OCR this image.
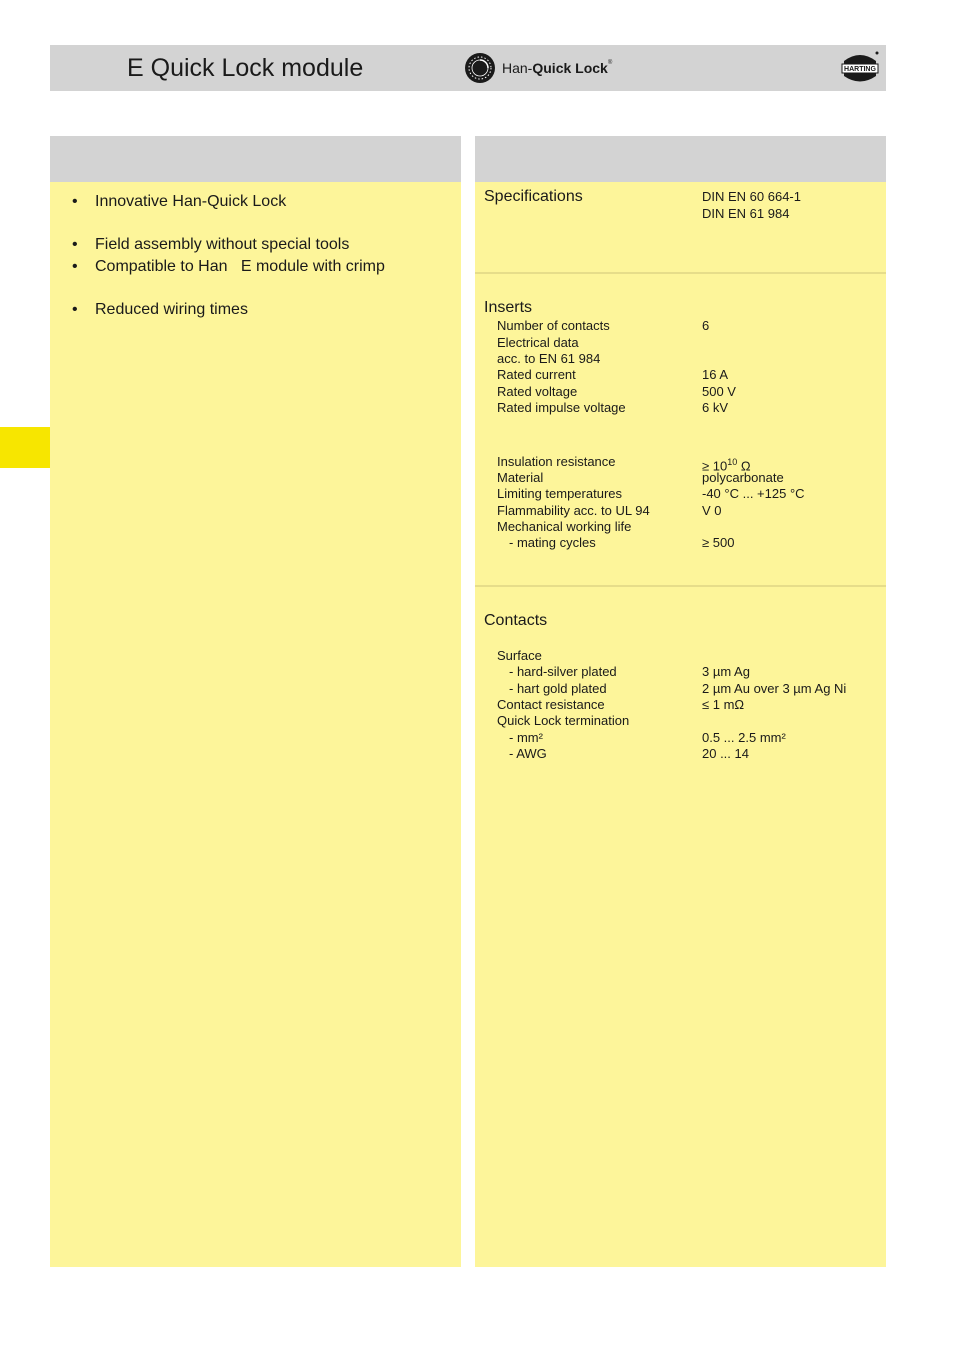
E Quick Lock module	Han-Quick Lock®
HARTING
• Innovative Han-Quick Lock
• Field assembly without special tools
• Compatible to Han   E module with crimp
• Reduced wiring times
Specifications	DIN EN 60 664-1
DIN EN 61 984
Inserts
Number of contacts	6
Electrical data
acc. to EN 61 984
Rated current	16 A
Rated voltage	500 V
Rated impulse voltage	6 kV
Insulation resistance	≥ $10^{10}$ Ω
Material	polycarbonate
Limiting temperatures	-40 °C ... +125 °C
Flammability acc. to UL 94	V 0
Mechanical working life
- mating cycles	≥ 500
Contacts
Surface
- hard-silver plated	3 µm Ag
- hart gold plated	2 µm Au over 3 µm Ag Ni
Contact resistance	≤ 1 mΩ
Quick Lock termination
- mm²	0.5 ... 2.5 mm²
- AWG	20 ... 14
